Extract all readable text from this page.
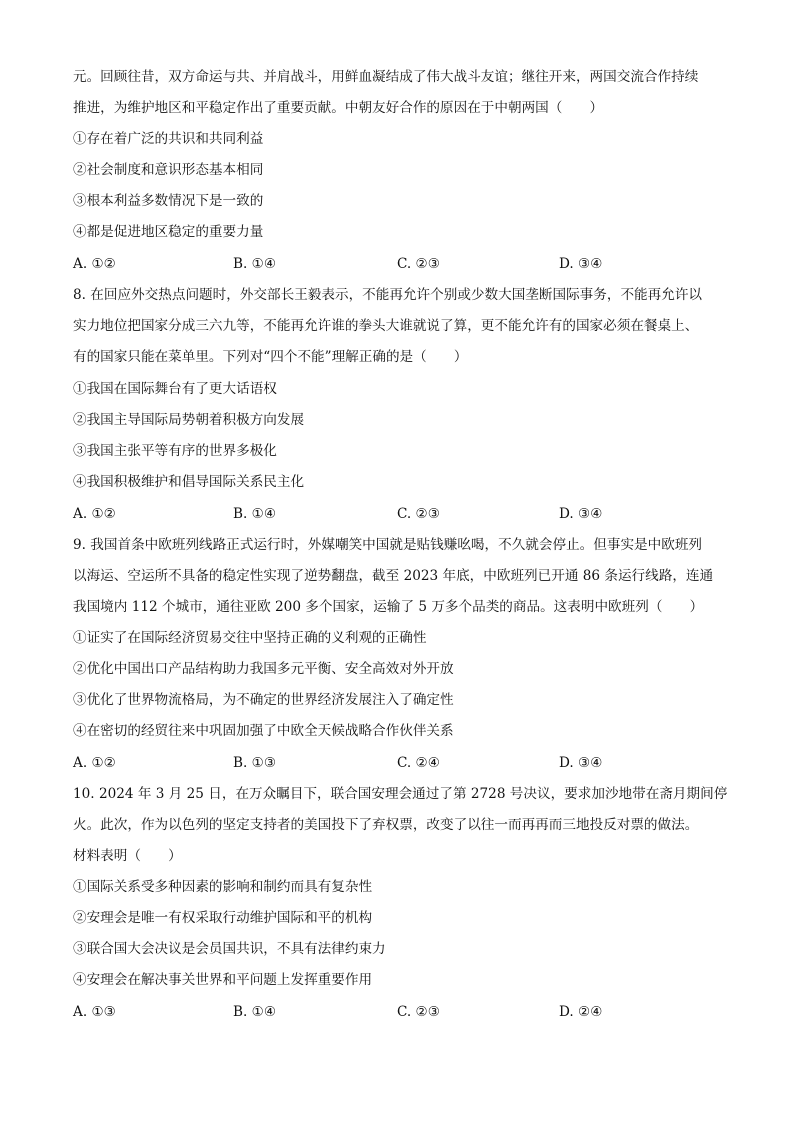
元。回顾往昔，双方命运与共、并肩战斗，用鲜血凝结成了伟大战斗友谊；继往开来，两国交流合作持续
推进，为维护地区和平稳定作出了重要贡献。中朝友好合作的原因在于中朝两国（　　）
①存在着广泛的共识和共同利益
②社会制度和意识形态基本相同
③根本利益多数情况下是一致的
④都是促进地区稳定的重要力量
A. ①②	B. ①④	C. ②③	D. ③④
8. 在回应外交热点问题时，外交部长王毅表示，不能再允许个别或少数大国垄断国际事务，不能再允许以
实力地位把国家分成三六九等，不能再允许谁的拳头大谁就说了算，更不能允许有的国家必须在餐桌上、
有的国家只能在菜单里。下列对“四个不能”理解正确的是（　　）
①我国在国际舞台有了更大话语权
②我国主导国际局势朝着积极方向发展
③我国主张平等有序的世界多极化
④我国积极维护和倡导国际关系民主化
A. ①②	B. ①④	C. ②③	D. ③④
9. 我国首条中欧班列线路正式运行时，外媒嘲笑中国就是贴钱赚吆喝，不久就会停止。但事实是中欧班列
以海运、空运所不具备的稳定性实现了逆势翻盘，截至 2023 年底，中欧班列已开通 86 条运行线路，连通
我国境内 112 个城市，通往亚欧 200 多个国家，运输了 5 万多个品类的商品。这表明中欧班列（　　）
①证实了在国际经济贸易交往中坚持正确的义利观的正确性
②优化中国出口产品结构助力我国多元平衡、安全高效对外开放
③优化了世界物流格局，为不确定的世界经济发展注入了确定性
④在密切的经贸往来中巩固加强了中欧全天候战略合作伙伴关系
A. ①②	B. ①③	C. ②④	D. ③④
10. 2024 年 3 月 25 日，在万众瞩目下，联合国安理会通过了第 2728 号决议，要求加沙地带在斋月期间停
火。此次，作为以色列的坚定支持者的美国投下了弃权票，改变了以往一而再再而三地投反对票的做法。
材料表明（　　）
①国际关系受多种因素的影响和制约而具有复杂性
②安理会是唯一有权采取行动维护国际和平的机构
③联合国大会决议是会员国共识，不具有法律约束力
④安理会在解决事关世界和平问题上发挥重要作用
A. ①③	B. ①④	C. ②③	D. ②④
